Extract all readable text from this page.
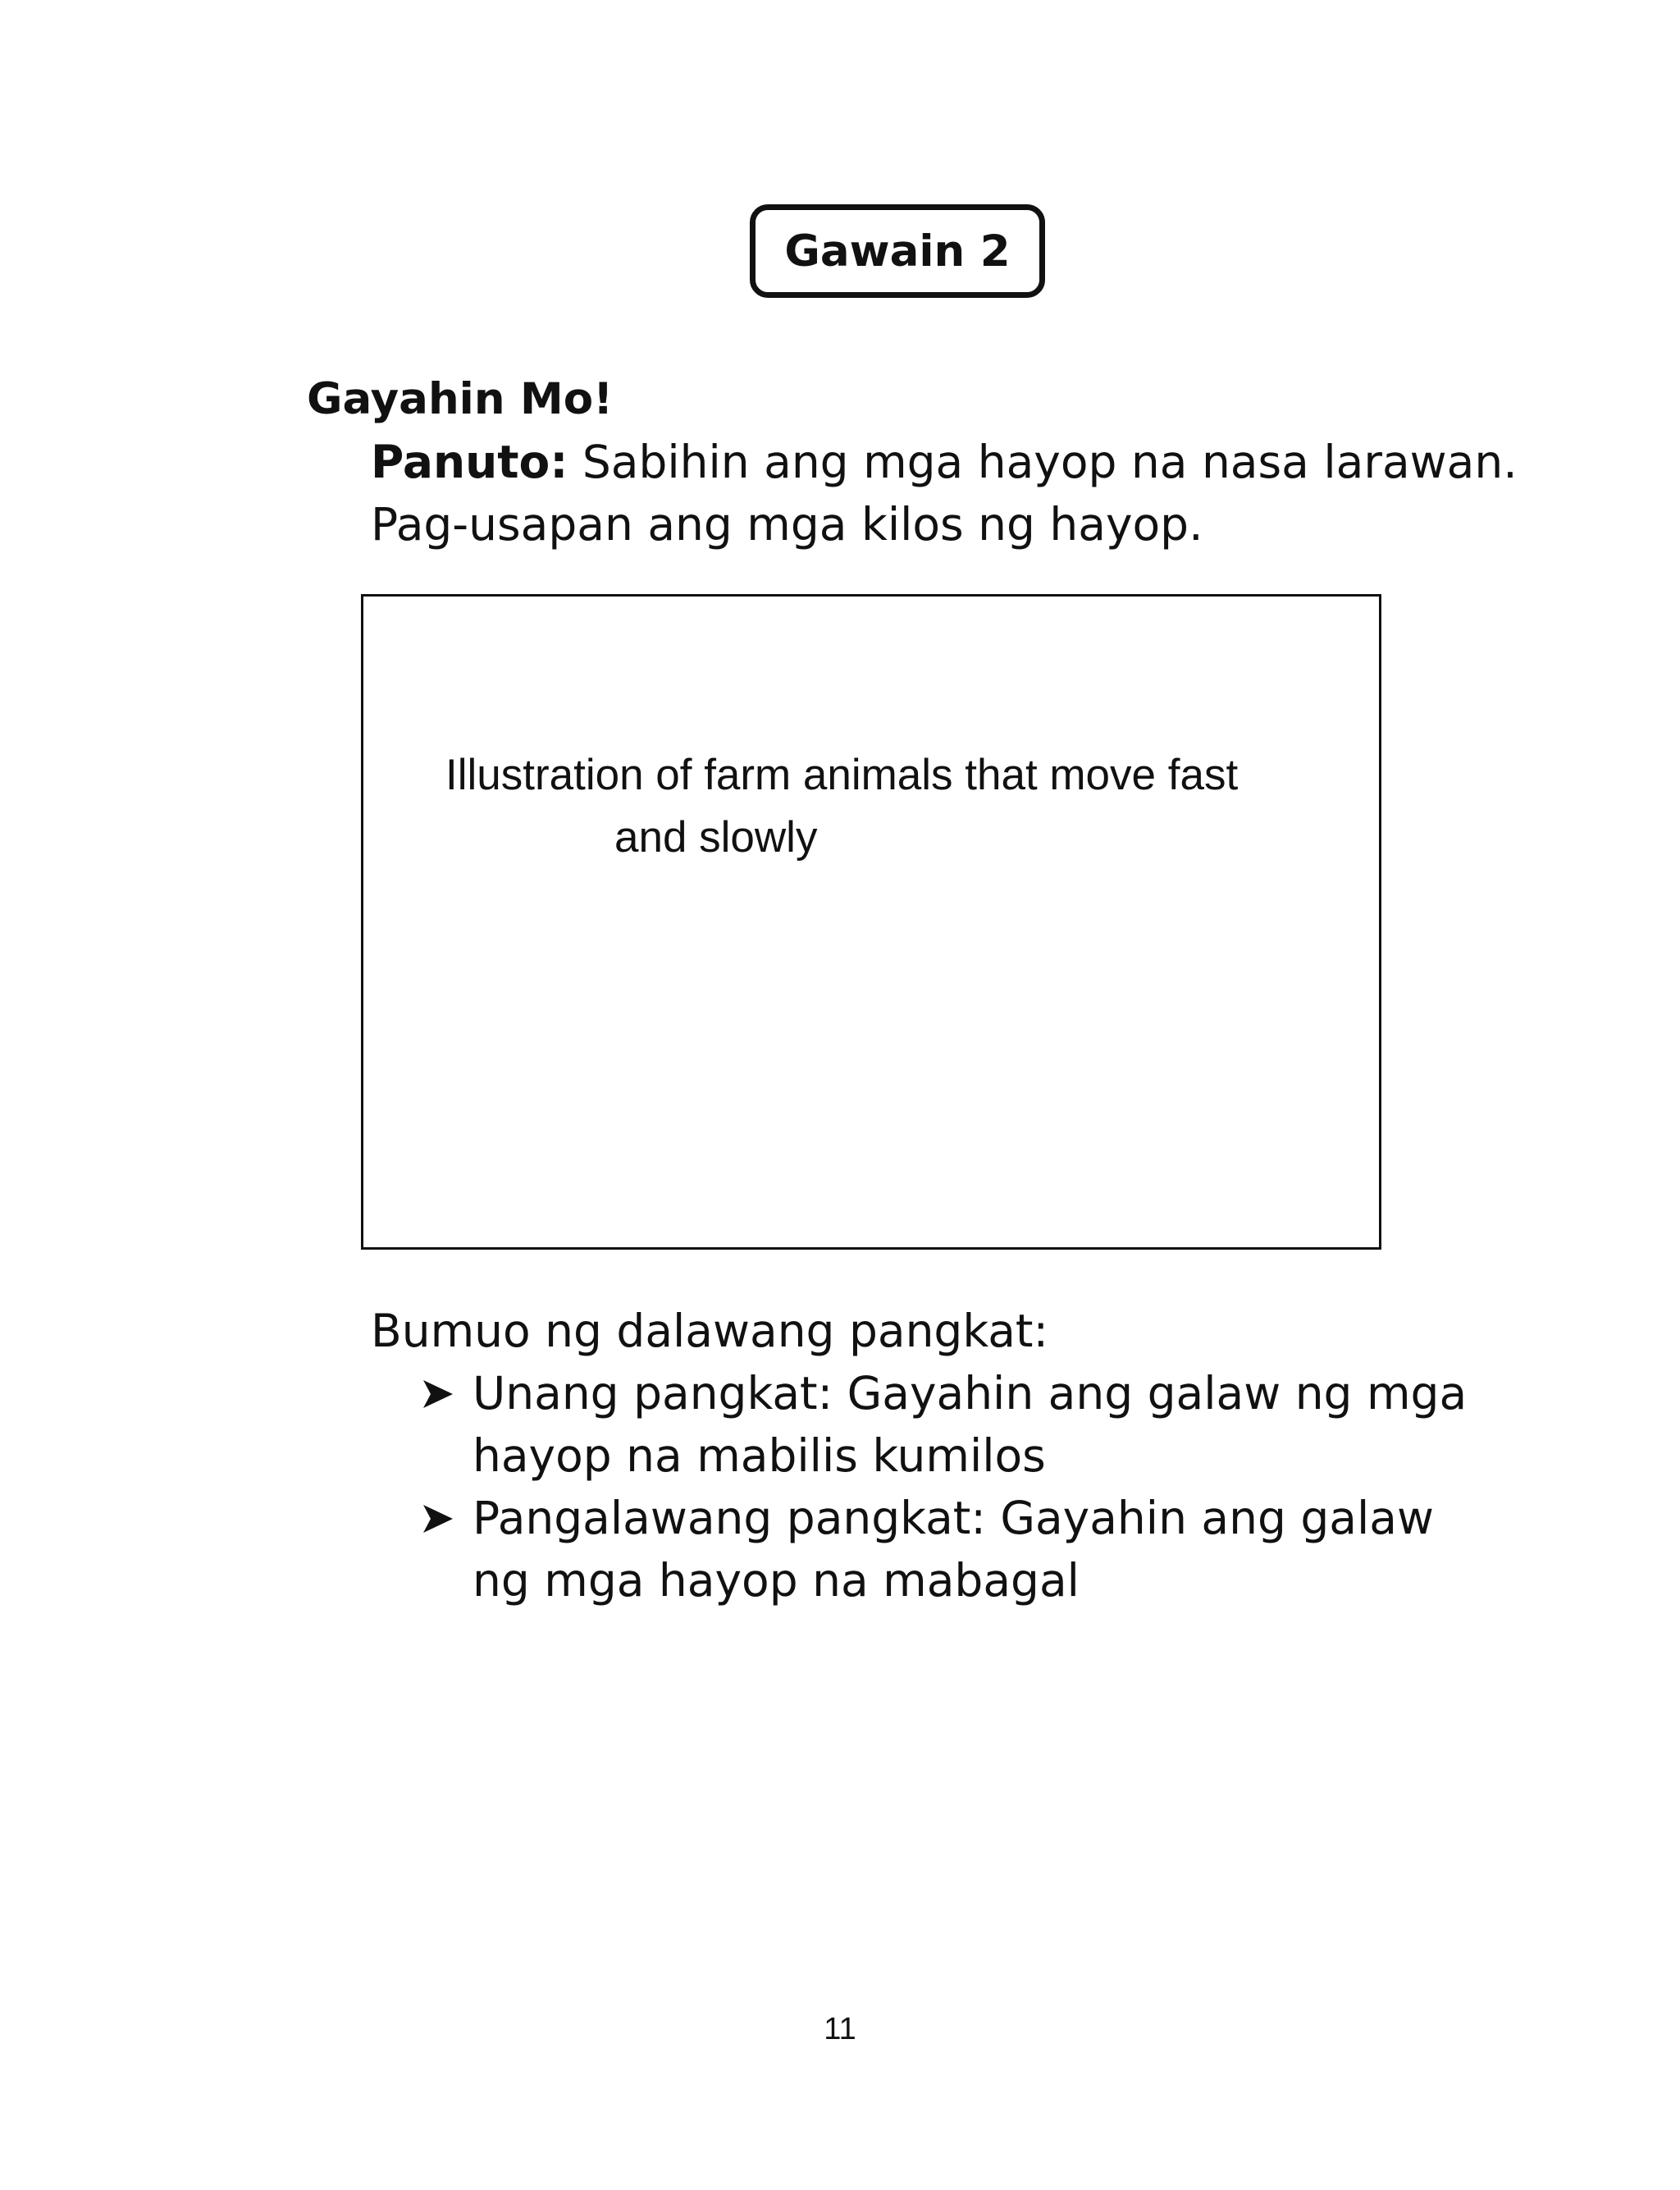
Gawain 2
Gayahin Mo!
Panuto: Sabihin ang mga hayop na nasa larawan.
Pag-usapan ang mga kilos ng hayop.
Illustration of farm animals that move fast
and slowly
Bumuo ng dalawang pangkat:
Unang pangkat: Gayahin ang galaw ng mga hayop na mabilis kumilos
Pangalawang pangkat: Gayahin ang galaw ng mga hayop na mabagal
11
